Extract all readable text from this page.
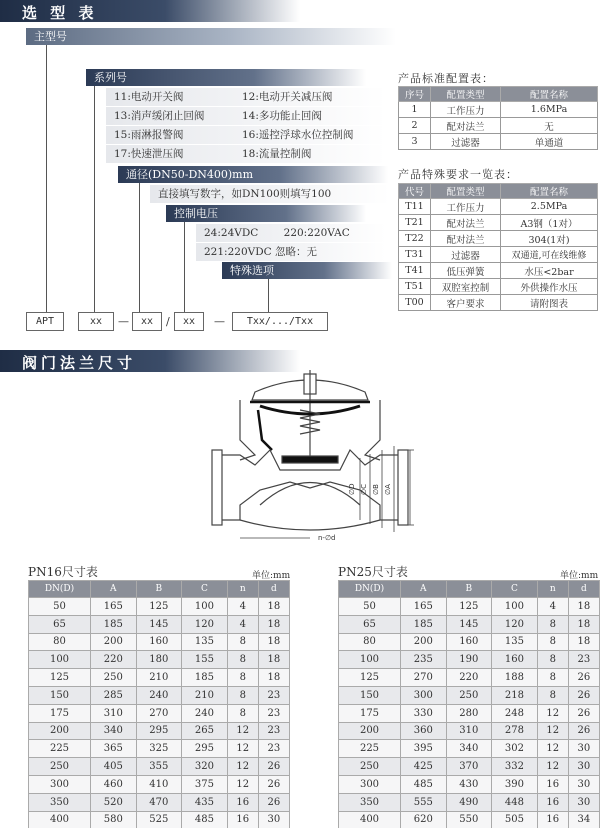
选 型 表
主型号
系列号
11:电动开关阀	12:电动开关减压阀
13:消声缓闭止回阀	14:多功能止回阀
15:雨淋报警阀	16:遥控浮球水位控制阀
17:快速泄压阀	18:流量控制阀
通径(DN50-DN400)mm
直接填写数字，如DN100则填写100
控制电压
24:24VDC 220:220VAC
221:220VDC 忽略：无
特殊选项
APT	xx	—	xx	/	xx	—	Txx/.../Txx
产品标准配置表：
序号	配置类型	配置名称
1	工作压力	1.6MPa
2	配对法兰	无
3	过滤器	单通道
产品特殊要求一览表：
代号	配置类型	配置名称
T11	工作压力	2.5MPa
T21	配对法兰	A3钢（1对）
T22	配对法兰	304(1对)
T31	过滤器	双通道,可在线维修
T41	低压弹簧	水压<2bar
T51	双腔室控制	外供操作水压
T00	客户要求	请附图表
阀门法兰尺寸
∅D ∅C ∅B ∅A
n-∅d
PN16尺寸表	单位:mm
DN(D)	A	B	C	n	d
50	165	125	100	4	18
65	185	145	120	4	18
80	200	160	135	8	18
100	220	180	155	8	18
125	250	210	185	8	18
150	285	240	210	8	23
175	310	270	240	8	23
200	340	295	265	12	23
225	365	325	295	12	23
250	405	355	320	12	26
300	460	410	375	12	26
350	520	470	435	16	26
400	580	525	485	16	30
PN25尺寸表	单位:mm
DN(D)	A	B	C	n	d
50	165	125	100	4	18
65	185	145	120	8	18
80	200	160	135	8	18
100	235	190	160	8	23
125	270	220	188	8	26
150	300	250	218	8	26
175	330	280	248	12	26
200	360	310	278	12	26
225	395	340	302	12	30
250	425	370	332	12	30
300	485	430	390	16	30
350	555	490	448	16	30
400	620	550	505	16	34
